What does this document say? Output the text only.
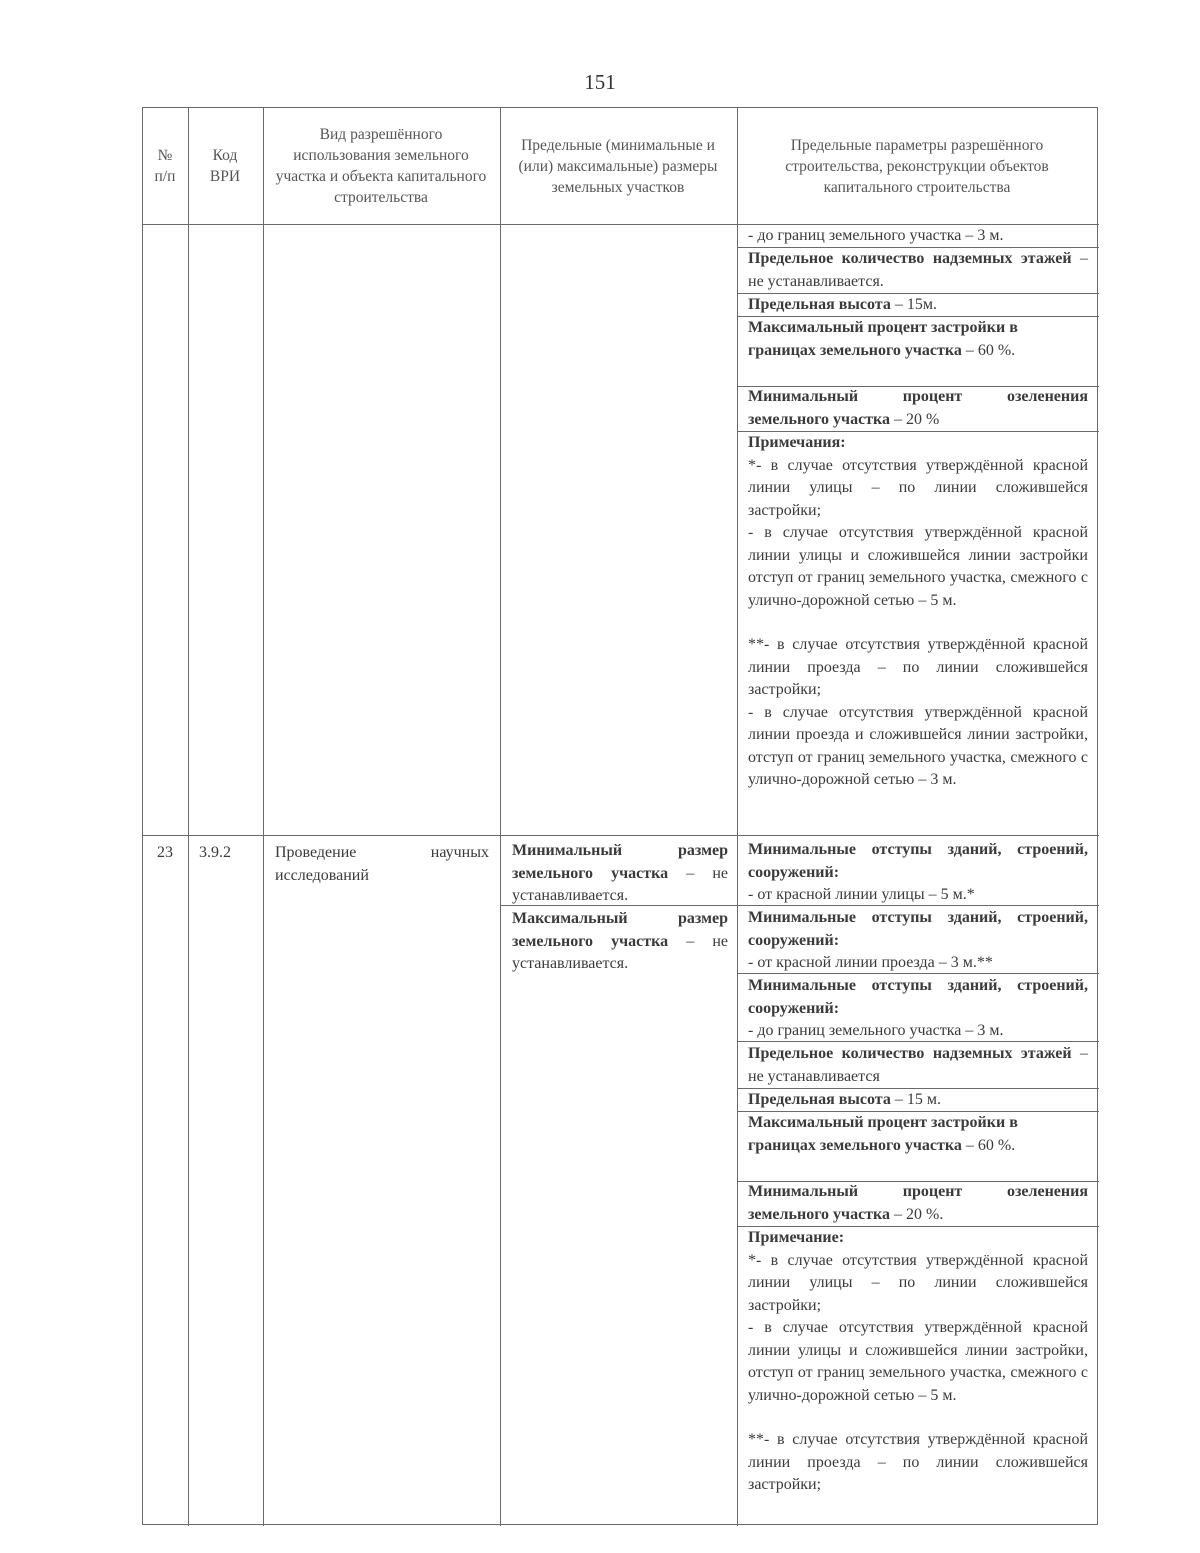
151
№
п/п
Код
ВРИ
Вид разрешённого использования земельного участка и объекта капитального строительства
Предельные (минимальные и (или) максимальные) размеры земельных участков
Предельные параметры разрешённого строительства, реконструкции объектов капитального строительства
- до границ земельного участка – 3 м.
Предельное количество надземных этажей – не устанавливается.
Предельная высота – 15м.
Максимальный процент застройки в границах земельного участка – 60 %.
Минимальный процент озеленения земельного участка – 20 %
Примечания:
*- в случае отсутствия утверждённой красной линии улицы – по линии сложившейся застройки;
- в случае отсутствия утверждённой красной линии улицы и сложившейся линии застройки отступ от границ земельного участка, смежного с улично-дорожной сетью – 5 м.
**- в случае отсутствия утверждённой красной линии проезда – по линии сложившейся застройки;
- в случае отсутствия утверждённой красной линии проезда и сложившейся линии застройки, отступ от границ земельного участка, смежного с улично-дорожной сетью – 3 м.
23	3.9.2	Проведение научных исследований
Минимальный размер земельного участка – не устанавливается.
Максимальный размер земельного участка – не устанавливается.
Минимальные отступы зданий, строений, сооружений:
- от красной линии улицы – 5 м.*
Минимальные отступы зданий, строений, сооружений:
- от красной линии проезда – 3 м.**
Минимальные отступы зданий, строений, сооружений:
- до границ земельного участка – 3 м.
Предельное количество надземных этажей – не устанавливается
Предельная высота – 15 м.
Максимальный процент застройки в границах земельного участка – 60 %.
Минимальный процент озеленения земельного участка – 20 %.
Примечание:
*- в случае отсутствия утверждённой красной линии улицы – по линии сложившейся застройки;
- в случае отсутствия утверждённой красной линии улицы и сложившейся линии застройки, отступ от границ земельного участка, смежного с улично-дорожной сетью – 5 м.
**- в случае отсутствия утверждённой красной линии проезда – по линии сложившейся застройки;
